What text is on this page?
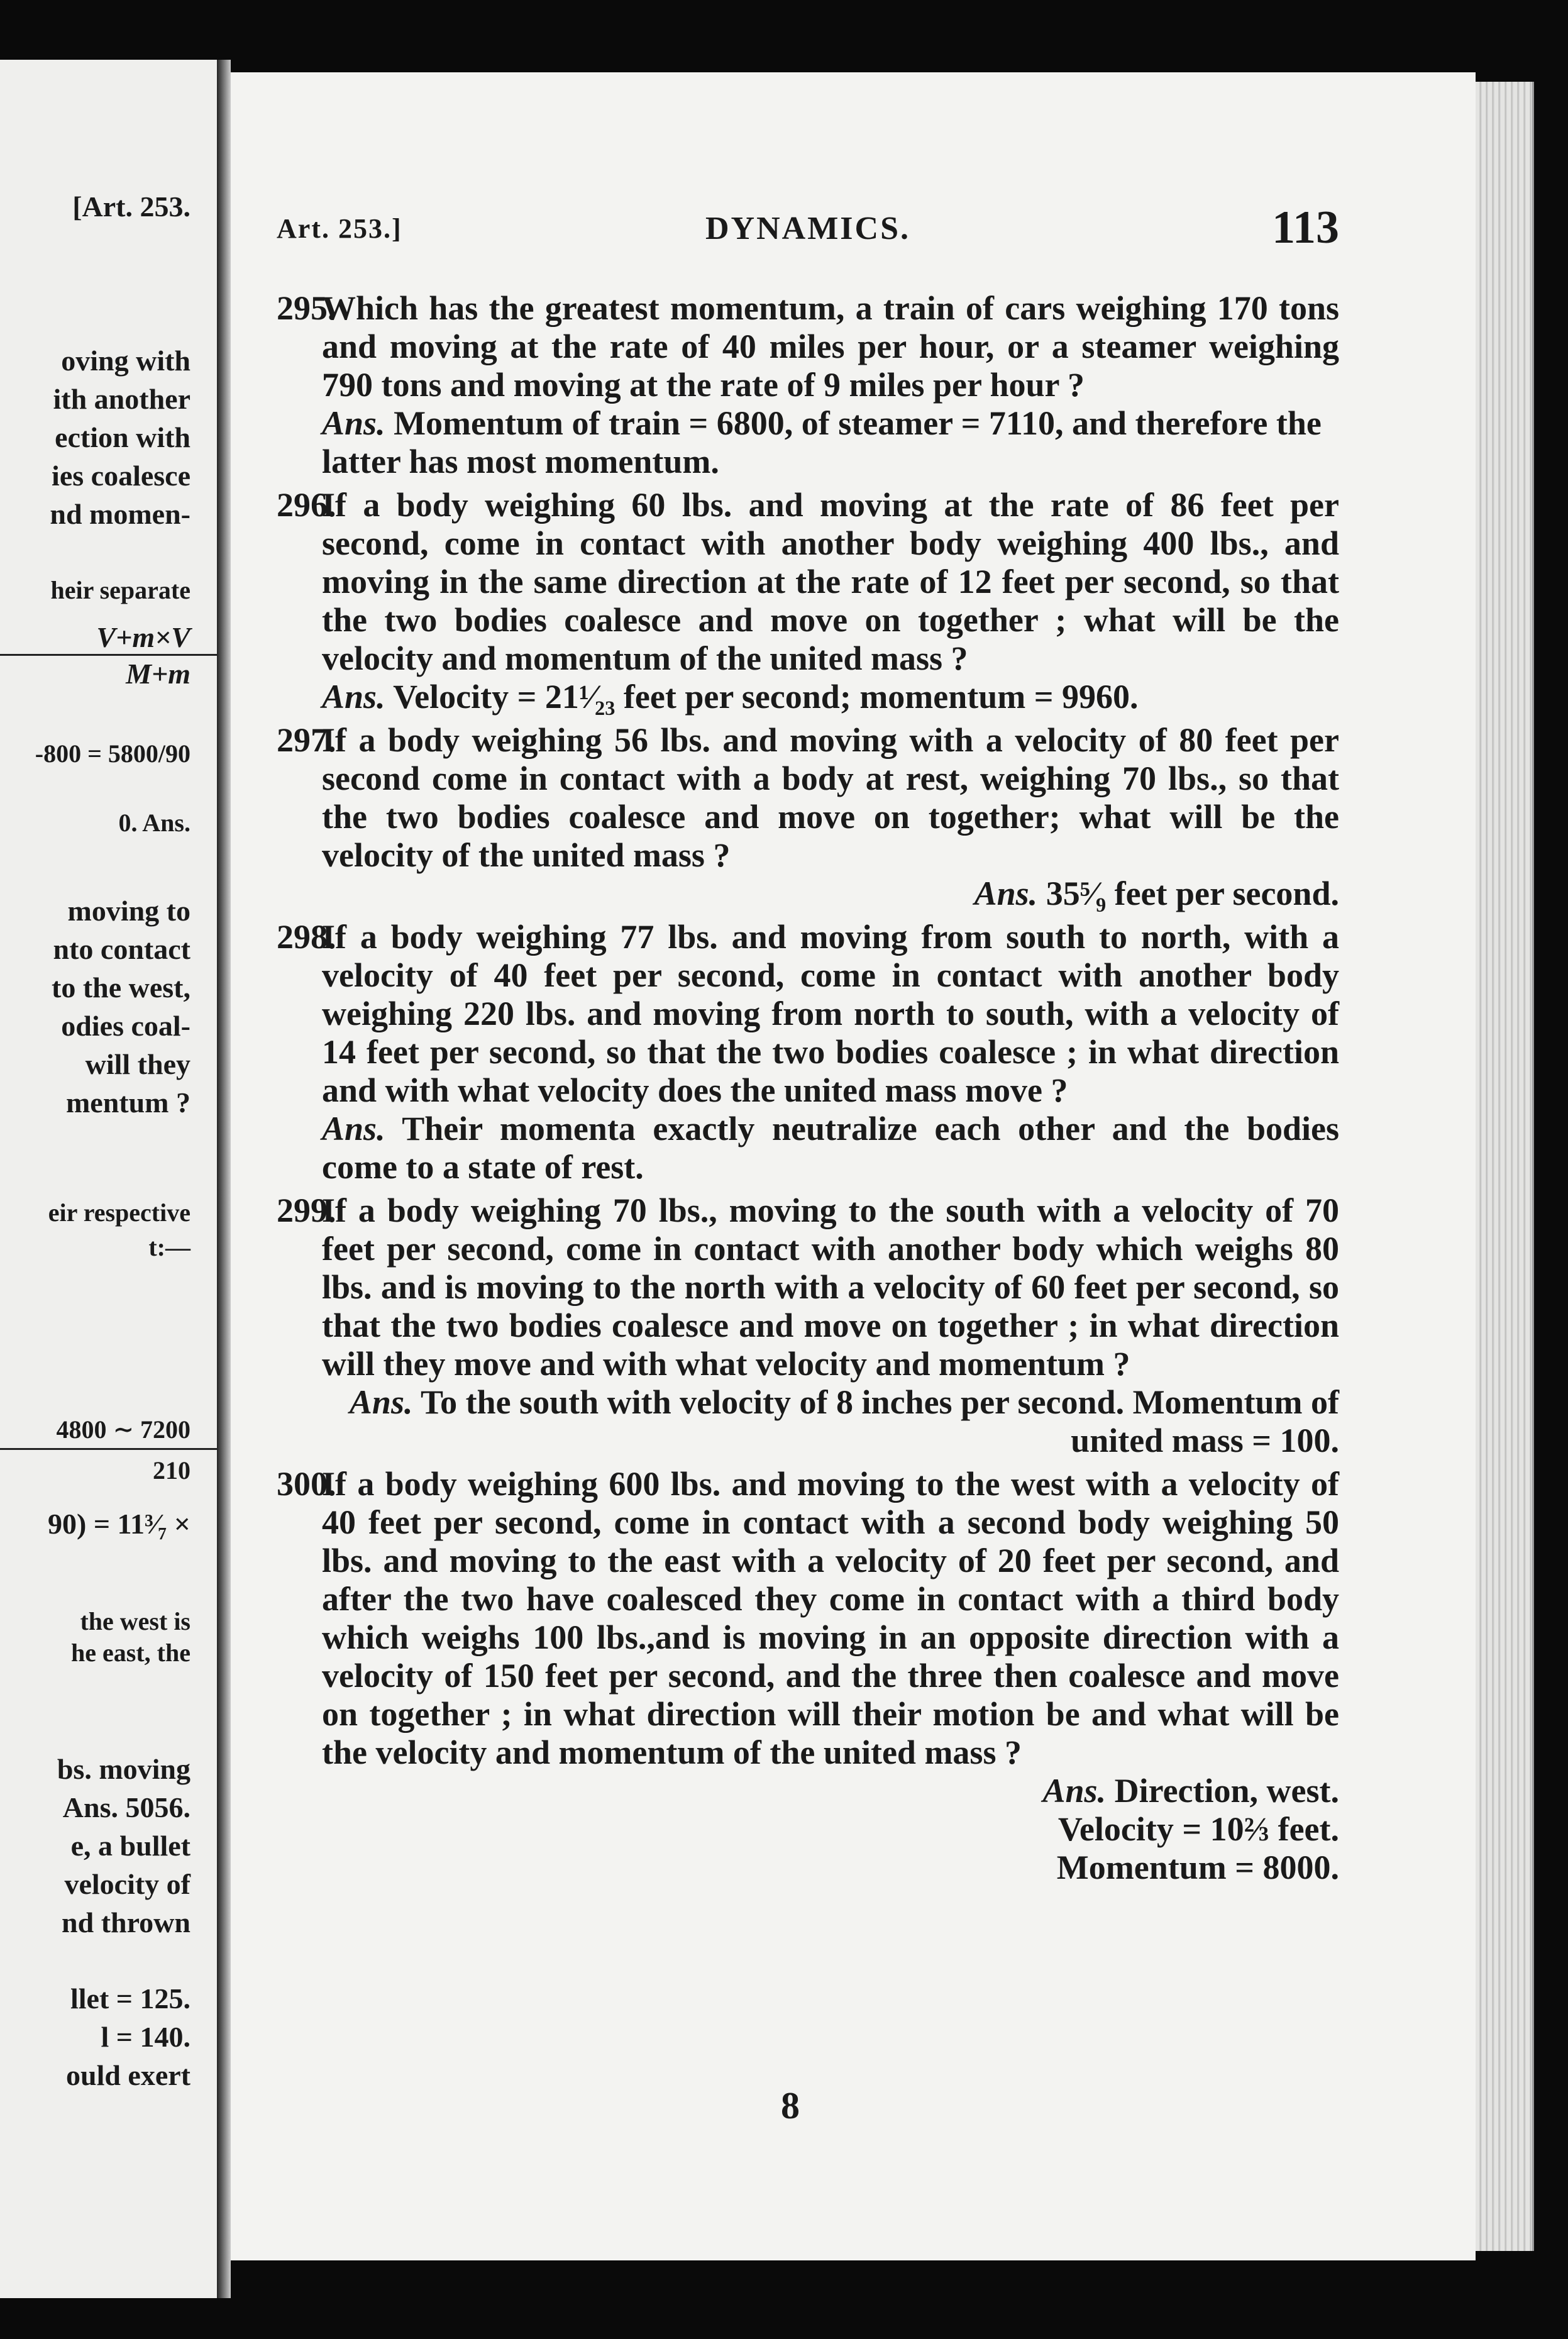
[Art. 253.
oving with
ith another
ection with
ies coalesce
nd momen-
heir separate
V+m×V
M+m
-800 = 5800/90
0. Ans.
moving to
nto contact
to the west,
odies coal-
will they
mentum ?
eir respective
t:—
4800 ∼ 7200
210
90) = 11³⁄₇ ×
the west is
he east, the
bs. moving
Ans. 5056.
e, a bullet
velocity of
nd thrown
llet = 125.
l = 140.
ould exert
Art. 253.]	DYNAMICS.	113
295.
Which has the greatest momentum, a train of cars weighing 170 tons and moving at the rate of 40 miles per hour, or a steamer weighing 790 tons and moving at the rate of 9 miles per hour ?
Ans. Momentum of train = 6800, of steamer = 7110, and therefore the latter has most momentum.
296.
If a body weighing 60 lbs. and moving at the rate of 86 feet per second, come in contact with another body weighing 400 lbs., and moving in the same direction at the rate of 12 feet per second, so that the two bodies coalesce and move on together ; what will be the velocity and momentum of the united mass ?
Ans. Velocity = 21⁣¹⁄₂₃ feet per second; momentum = 9960.
297.
If a body weighing 56 lbs. and moving with a velocity of 80 feet per second come in contact with a body at rest, weighing 70 lbs., so that the two bodies coalesce and move on together; what will be the velocity of the united mass ?
Ans. 35⁵⁄₉ feet per second.
298.
If a body weighing 77 lbs. and moving from south to north, with a velocity of 40 feet per second, come in contact with another body weighing 220 lbs. and moving from north to south, with a velocity of 14 feet per second, so that the two bodies coalesce ; in what direction and with what velocity does the united mass move ?
Ans. Their momenta exactly neutralize each other and the bodies come to a state of rest.
299.
If a body weighing 70 lbs., moving to the south with a velocity of 70 feet per second, come in contact with another body which weighs 80 lbs. and is moving to the north with a velocity of 60 feet per second, so that the two bodies coalesce and move on together ; in what direction will they move and with what velocity and momentum ?
Ans. To the south with velocity of 8 inches per second. Momentum of united mass = 100.
300.
If a body weighing 600 lbs. and moving to the west with a velocity of 40 feet per second, come in contact with a second body weighing 50 lbs. and moving to the east with a velocity of 20 feet per second, and after the two have coalesced they come in contact with a third body which weighs 100 lbs.,and is moving in an opposite direction with a velocity of 150 feet per second, and the three then coalesce and move on together ; in what direction will their motion be and what will be the velocity and momentum of the united mass ?
Ans. Direction, west.
Velocity = 10⅔ feet.
Momentum = 8000.
8
